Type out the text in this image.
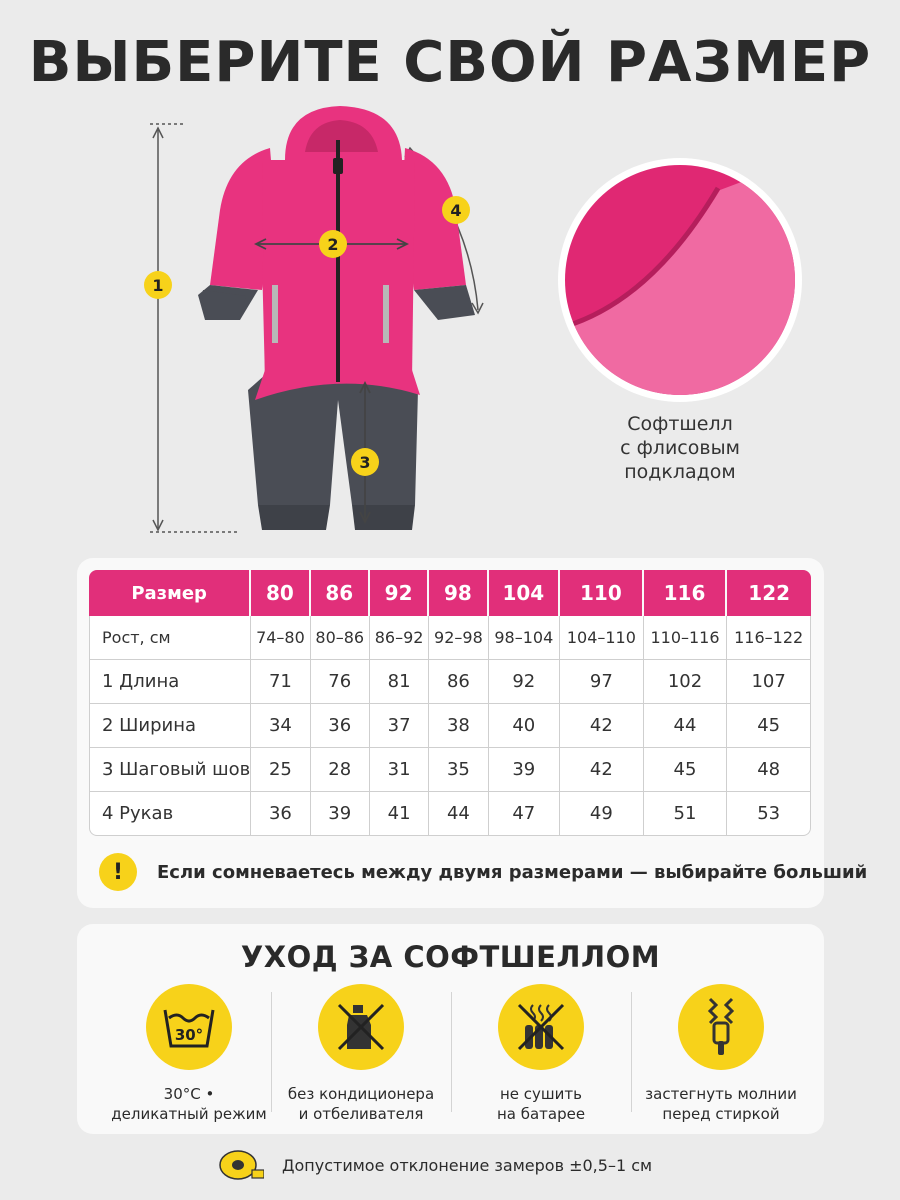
ВЫБЕРИТЕ СВОЙ РАЗМЕР
1
2
3
4
Софтшелл
с флисовым
подкладом
Размер	80	86	92	98	104	110	116	122
Рост, см	74–80	80–86	86–92	92–98	98–104	104–110	110–116	116–122
1 Длина	71	76	81	86	92	97	102	107
2 Ширина	34	36	37	38	40	42	44	45
3 Шаговый шов	25	28	31	35	39	42	45	48
4 Рукав	36	39	41	44	47	49	51	53
!	Если сомневаетесь между двумя размерами — выбирайте больший
УХОД ЗА СОФТШЕЛЛОМ
30°
30°C •
деликатный режим
без кондиционера
и отбеливателя
не сушить
на батарее
застегнуть молнии
перед стиркой
Допустимое отклонение замеров ±0,5–1 см
